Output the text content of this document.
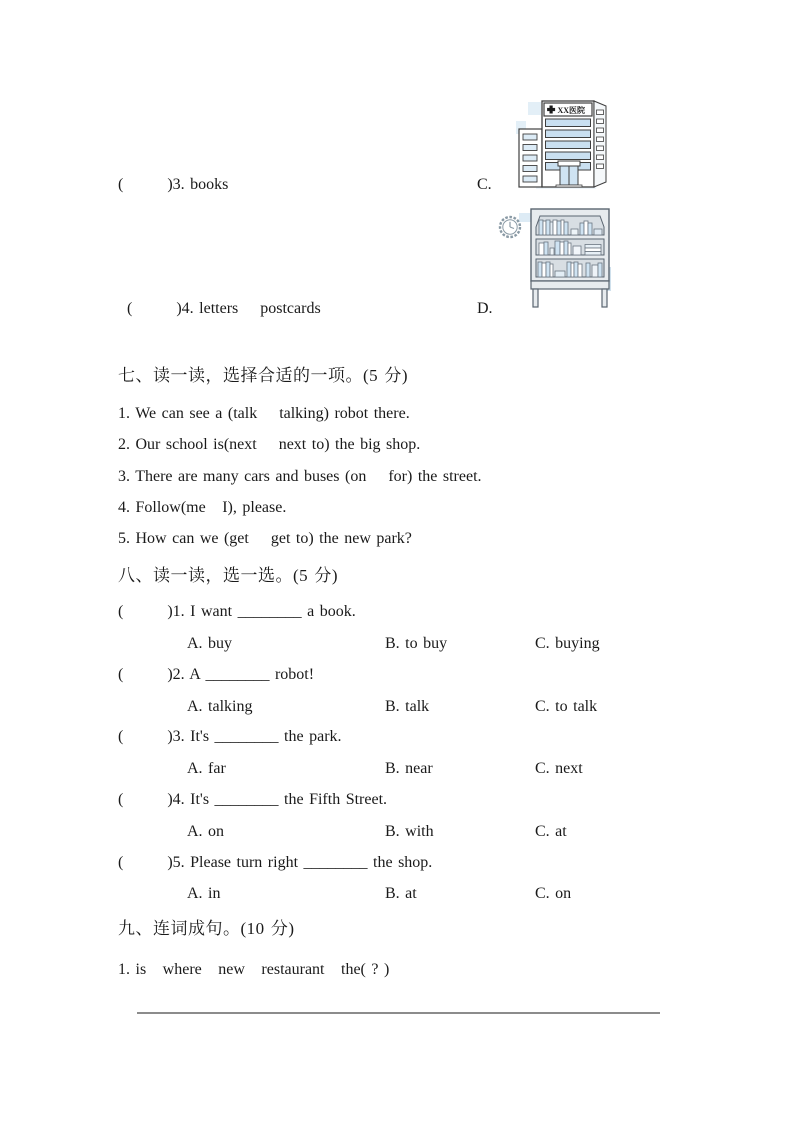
XX医院
(        )3. books	C.
(        )4. letters    postcards	D.
七、读一读，选择合适的一项。(5 分)
1. We can see a (talk    talking) robot there.
2. Our school is(next    next to) the big shop.
3. There are many cars and buses (on    for) the street.
4. Follow(me   I), please.
5. How can we (get    get to) the new park?
八、读一读，选一选。(5 分)
(        )1. I want ________ a book.
A. buy	B. to buy	C. buying
(        )2. A ________ robot!
A. talking	B. talk	C. to talk
(        )3. It's ________ the park.
A. far	B. near	C. next
(        )4. It's ________ the Fifth Street.
A. on	B. with	C. at
(        )5. Please turn right ________ the shop.
A. in	B. at	C. on
九、连词成句。(10 分)
1. is   where   new   restaurant   the( ? )
